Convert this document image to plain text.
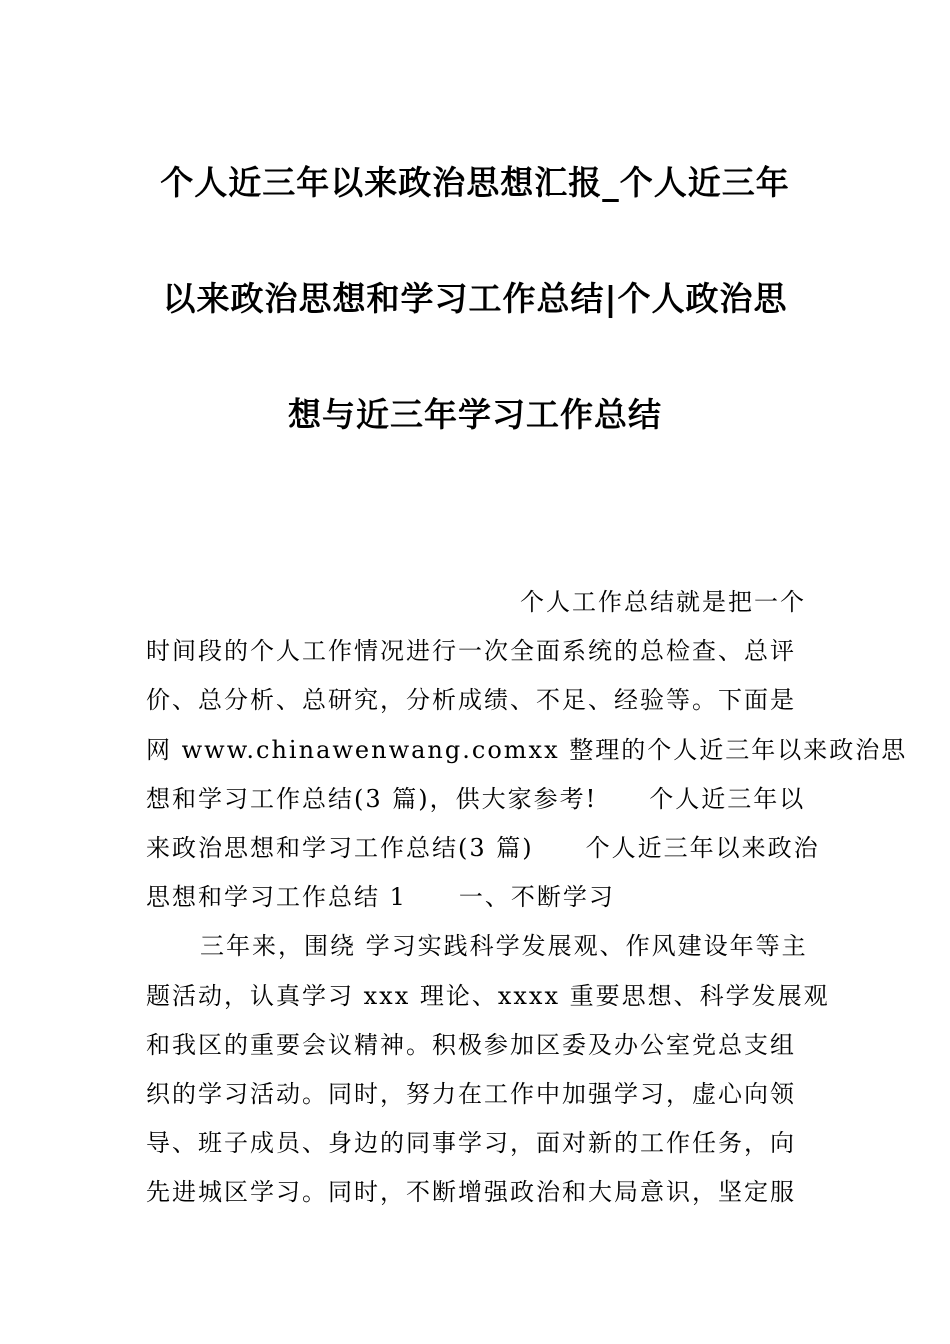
个人近三年以来政治思想汇报_个人近三年
以来政治思想和学习工作总结|个人政治思
想与近三年学习工作总结
个人工作总结就是把一个
时间段的个人工作情况进行一次全面系统的总检查、总评
价、总分析、总研究，分析成绩、不足、经验等。下面是
网 www.chinawenwang.comxx 整理的个人近三年以来政治思
想和学习工作总结(3 篇)，供大家参考!　　个人近三年以
来政治思想和学习工作总结(3 篇)　　个人近三年以来政治
思想和学习工作总结 1　　一、不断学习
三年来，围绕 学习实践科学发展观、作风建设年等主
题活动，认真学习 xxx 理论、xxxx 重要思想、科学发展观
和我区的重要会议精神。积极参加区委及办公室党总支组
织的学习活动。同时，努力在工作中加强学习，虚心向领
导、班子成员、身边的同事学习，面对新的工作任务，向
先进城区学习。同时，不断增强政治和大局意识，坚定服
